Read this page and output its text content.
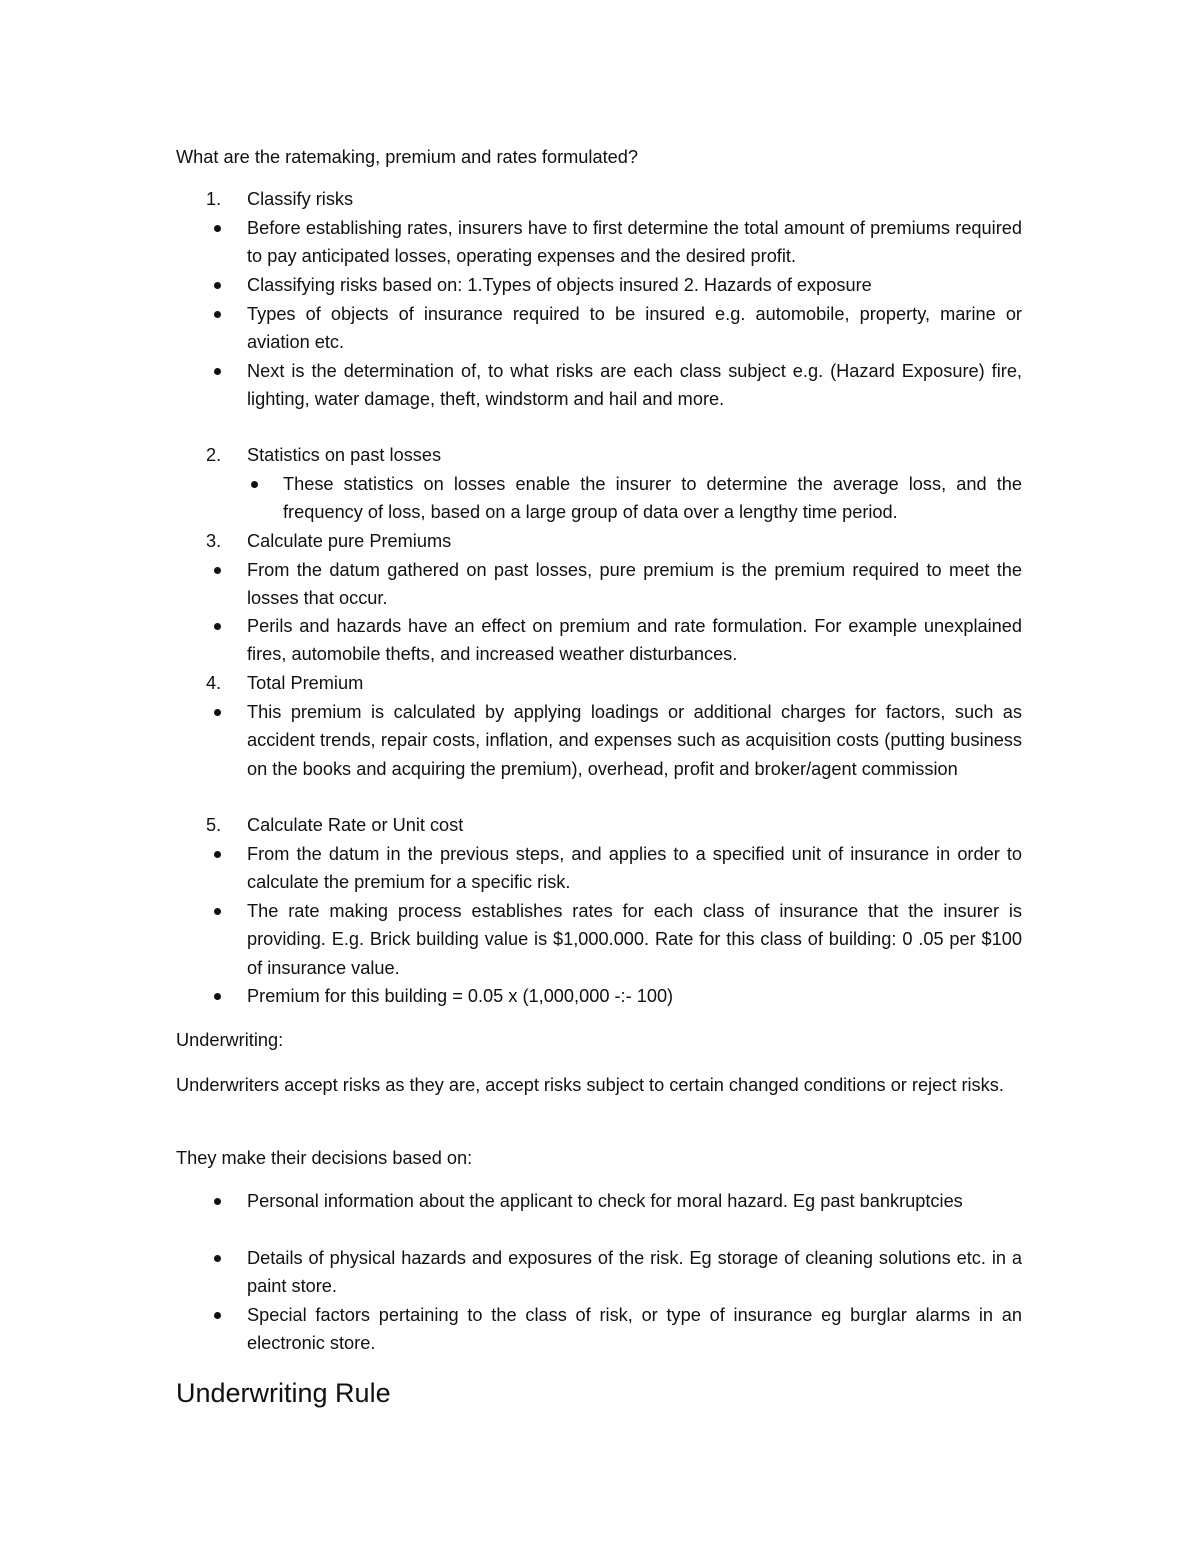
What are the ratemaking, premium and rates formulated?
1.	Classify risks
Before establishing rates, insurers have to first determine the total amount of premiums required to pay anticipated losses, operating expenses and the desired profit.
Classifying risks based on: 1.Types of objects insured 2. Hazards of exposure
Types of objects of insurance required to be insured e.g. automobile, property, marine or aviation etc.
Next is the determination of, to what risks are each class subject e.g. (Hazard Exposure) fire, lighting, water damage, theft, windstorm and hail and more.
2.	Statistics on past losses
These statistics on losses enable the insurer to determine the average loss, and the frequency of loss, based on a large group of data over a lengthy time period.
3.	Calculate pure Premiums
From the datum gathered on past losses, pure premium is the premium required to meet the losses that occur.
Perils and hazards have an effect on premium and rate formulation. For example unexplained fires, automobile thefts, and increased weather disturbances.
4.	Total Premium
This premium is calculated by applying loadings or additional charges for factors, such as accident trends, repair costs, inflation, and expenses such as acquisition costs (putting business on the books and acquiring the premium), overhead, profit and broker/agent commission
5.	Calculate Rate or Unit cost
From the datum in the previous steps, and applies to a specified unit of insurance in order to calculate the premium for a specific risk.
The rate making process establishes rates for each class of insurance that the insurer is providing. E.g. Brick building value is $1,000.000. Rate for this class of building: 0 .05 per $100 of insurance value.
Premium for this building = 0.05 x (1,000,000 -:- 100)
Underwriting:
Underwriters accept risks as they are, accept risks subject to certain changed conditions or reject risks.
They make their decisions based on:
Personal information about the applicant to check for moral hazard. Eg past bankruptcies
Details of physical hazards and exposures of the risk. Eg storage of cleaning solutions etc. in a paint store.
Special factors pertaining to the class of risk, or type of insurance eg burglar alarms in an electronic store.
Underwriting Rule
